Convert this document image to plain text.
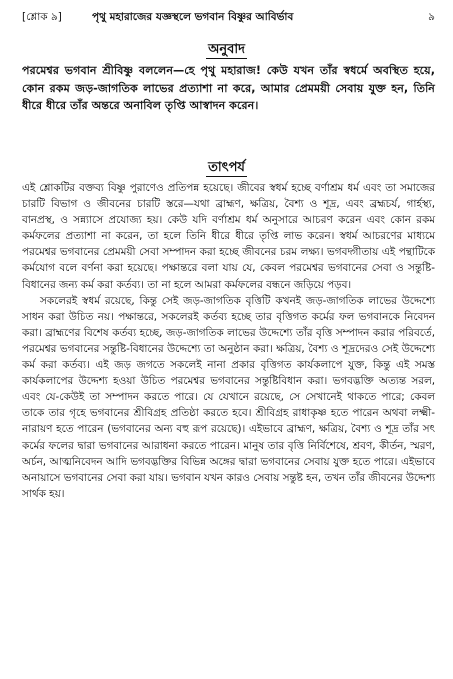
[শ্লোক ৯]	পৃথু মহারাজের যজ্ঞস্থলে ভগবান বিষ্ণুর আবির্ভাব	৯
অনুবাদ
পরমেশ্বর ভগবান শ্রীবিষ্ণু বললেন—হে পৃথু মহারাজ! কেউ যখন তাঁর স্বধর্মে অবস্থিত হয়ে, কোন রকম জড়-জাগতিক লাভের প্রত্যাশা না করে, আমার প্রেমময়ী সেবায় যুক্ত হন, তিনি ধীরে ধীরে তাঁর অন্তরে অনাবিল তৃপ্তি আস্বাদন করেন।
তাৎপর্য

এই শ্লোকটির বক্তব্য বিষ্ণু পুরাণেও প্রতিপন্ন হয়েছে। জীবের স্বধর্ম হচ্ছে বর্ণাশ্রম ধর্ম এবং তা সমাজের চারটি বিভাগ ও জীবনের চারটি স্তরে—যথা ব্রাহ্মণ, ক্ষত্রিয়, বৈশ্য ও শূদ্র, এবং ব্রহ্মচর্য, গার্হস্থ্য, বানপ্রস্থ, ও সন্ন্যাসে প্রযোজ্য হয়। কেউ যদি বর্ণাশ্রম ধর্ম অনুসারে আচরণ করেন এবং কোন রকম কর্মফলের প্রত্যাশা না করেন, তা হলে তিনি ধীরে ধীরে তৃপ্তি লাভ করেন। স্বধর্ম আচরণের মাধ্যমে পরমেশ্বর ভগবানের প্রেমময়ী সেবা সম্পাদন করা হচ্ছে জীবনের চরম লক্ষ্য। ভগবদ্গীতায় এই পন্থাটিকে কর্মযোগ বলে বর্ণনা করা হয়েছে। পক্ষান্তরে বলা যায় যে, কেবল পরমেশ্বর ভগবানের সেবা ও সন্তুষ্টি-বিধানের জন্য কর্ম করা কর্তব্য। তা না হলে আমরা কর্মফলের বন্ধনে জড়িয়ে পড়ব।

সকলেরই স্বধর্ম রয়েছে, কিন্তু সেই জড়-জাগতিক বৃত্তিটি কখনই জড়-জাগতিক লাভের উদ্দেশ্যে সাধন করা উচিত নয়। পক্ষান্তরে, সকলেরই কর্তব্য হচ্ছে তার বৃত্তিগত কর্মের ফল ভগবানকে নিবেদন করা। ব্রাহ্মণের বিশেষ কর্তব্য হচ্ছে, জড়-জাগতিক লাভের উদ্দেশ্যে তাঁর বৃত্তি সম্পাদন করার পরিবর্তে, পরমেশ্বর ভগবানের সন্তুষ্টি-বিধানের উদ্দেশ্যে তা অনুষ্ঠান করা। ক্ষত্রিয়, বৈশ্য ও শূদ্রদেরও সেই উদ্দেশ্যে কর্ম করা কর্তব্য। এই জড় জগতে সকলেই নানা প্রকার বৃত্তিগত কার্যকলাপে যুক্ত, কিন্তু এই সমস্ত কার্যকলাপের উদ্দেশ্য হওয়া উচিত পরমেশ্বর ভগবানের সন্তুষ্টিবিধান করা। ভগবদ্ভক্তি অত্যন্ত সরল, এবং যে-কেউই তা সম্পাদন করতে পারে। যে যেখানে রয়েছে, সে সেখানেই থাকতে পারে; কেবল তাকে তার গৃহে ভগবানের শ্রীবিগ্রহ প্রতিষ্ঠা করতে হবে। শ্রীবিগ্রহ রাধাকৃষ্ণ হতে পারেন অথবা লক্ষ্মী-নারায়ণ হতে পারেন (ভগবানের অন্য বহু রূপ রয়েছে)। এইভাবে ব্রাহ্মণ, ক্ষত্রিয়, বৈশ্য ও শূদ্র তাঁর সৎ কর্মের ফলের দ্বারা ভগবানের আরাধনা করতে পারেন। মানুষ তার বৃত্তি নির্বিশেষে, শ্রবণ, কীর্তন, স্মরণ, অর্চন, আত্মনিবেদন আদি ভগবদ্ভক্তির বিভিন্ন অঙ্গের দ্বারা ভগবানের সেবায় যুক্ত হতে পারে। এইভাবে অনায়াসে ভগবানের সেবা করা যায়। ভগবান যখন কারও সেবায় সন্তুষ্ট হন, তখন তাঁর জীবনের উদ্দেশ্য সার্থক হয়।
